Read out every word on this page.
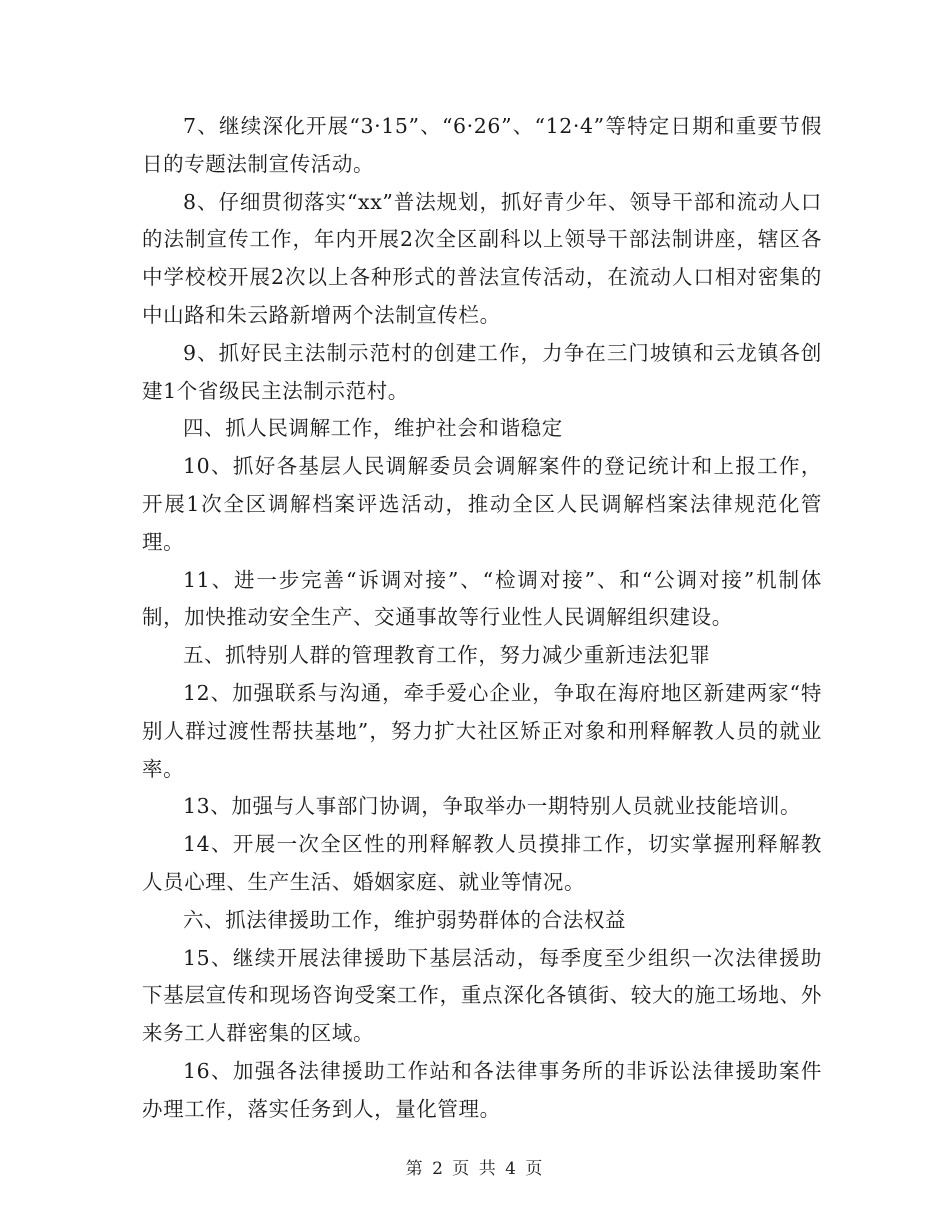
7、继续深化开展“3·15”、“6·26”、“12·4”等特定日期和重要节假日的专题法制宣传活动。

8、仔细贯彻落实“xx”普法规划，抓好青少年、领导干部和流动人口的法制宣传工作，年内开展2次全区副科以上领导干部法制讲座，辖区各中学校校开展2次以上各种形式的普法宣传活动，在流动人口相对密集的中山路和朱云路新增两个法制宣传栏。

9、抓好民主法制示范村的创建工作，力争在三门坡镇和云龙镇各创建1个省级民主法制示范村。

四、抓人民调解工作，维护社会和谐稳定

10、抓好各基层人民调解委员会调解案件的登记统计和上报工作，开展1次全区调解档案评选活动，推动全区人民调解档案法律规范化管理。

11、进一步完善“诉调对接”、“检调对接”、和“公调对接”机制体制，加快推动安全生产、交通事故等行业性人民调解组织建设。

五、抓特别人群的管理教育工作，努力减少重新违法犯罪

12、加强联系与沟通，牵手爱心企业，争取在海府地区新建两家“特别人群过渡性帮扶基地”，努力扩大社区矫正对象和刑释解教人员的就业率。

13、加强与人事部门协调，争取举办一期特别人员就业技能培训。

14、开展一次全区性的刑释解教人员摸排工作，切实掌握刑释解教人员心理、生产生活、婚姻家庭、就业等情况。

六、抓法律援助工作，维护弱势群体的合法权益

15、继续开展法律援助下基层活动，每季度至少组织一次法律援助下基层宣传和现场咨询受案工作，重点深化各镇街、较大的施工场地、外来务工人群密集的区域。

16、加强各法律援助工作站和各法律事务所的非诉讼法律援助案件办理工作，落实任务到人，量化管理。

第 2 页 共 4 页
